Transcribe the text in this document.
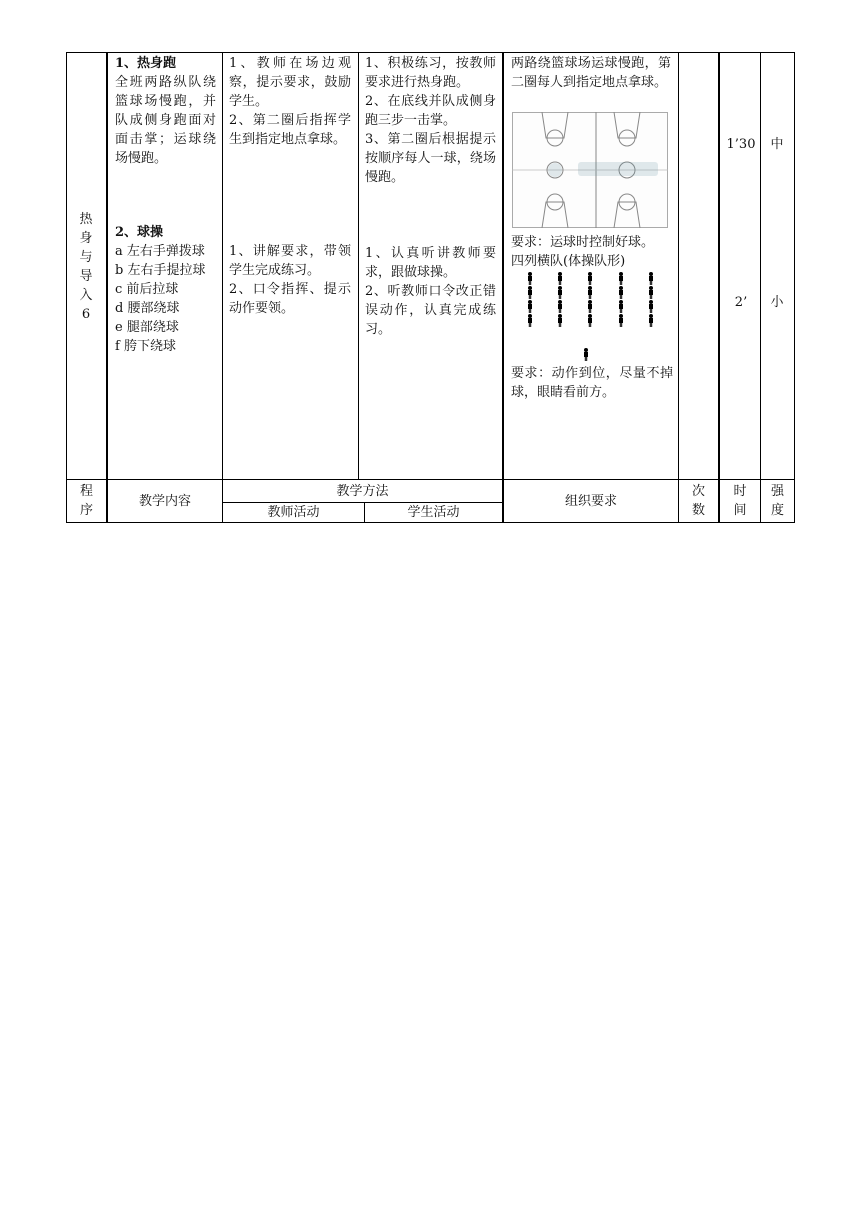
热
身
与
导
入
6
1、热身跑
全班两路纵队绕篮球场慢跑，并队成侧身跑面对面击掌；运球绕场慢跑。
2、球操
a 左右手弹拨球
b 左右手提拉球
c 前后拉球
d 腰部绕球
e 腿部绕球
f 胯下绕球
1、教师在场边观察，提示要求，鼓励学生。
2、第二圈后指挥学生到指定地点拿球。
1、讲解要求，带领学生完成练习。
2、口令指挥、提示动作要领。
1、积极练习，按教师要求进行热身跑。
2、在底线并队成侧身跑三步一击掌。
3、第二圈后根据提示按顺序每人一球，绕场慢跑。
1、认真听讲教师要求，跟做球操。
2、听教师口令改正错误动作，认真完成练习。
两路绕篮球场运球慢跑，第二圈每人到指定地点拿球。
要求：运球时控制好球。
四列横队(体操队形)
要求：动作到位，尽量不掉球，眼睛看前方。
1’30
2’
中
小
程
序
教学内容
教学方法
教师活动	学生活动
组织要求
次
数
时
间
强
度
